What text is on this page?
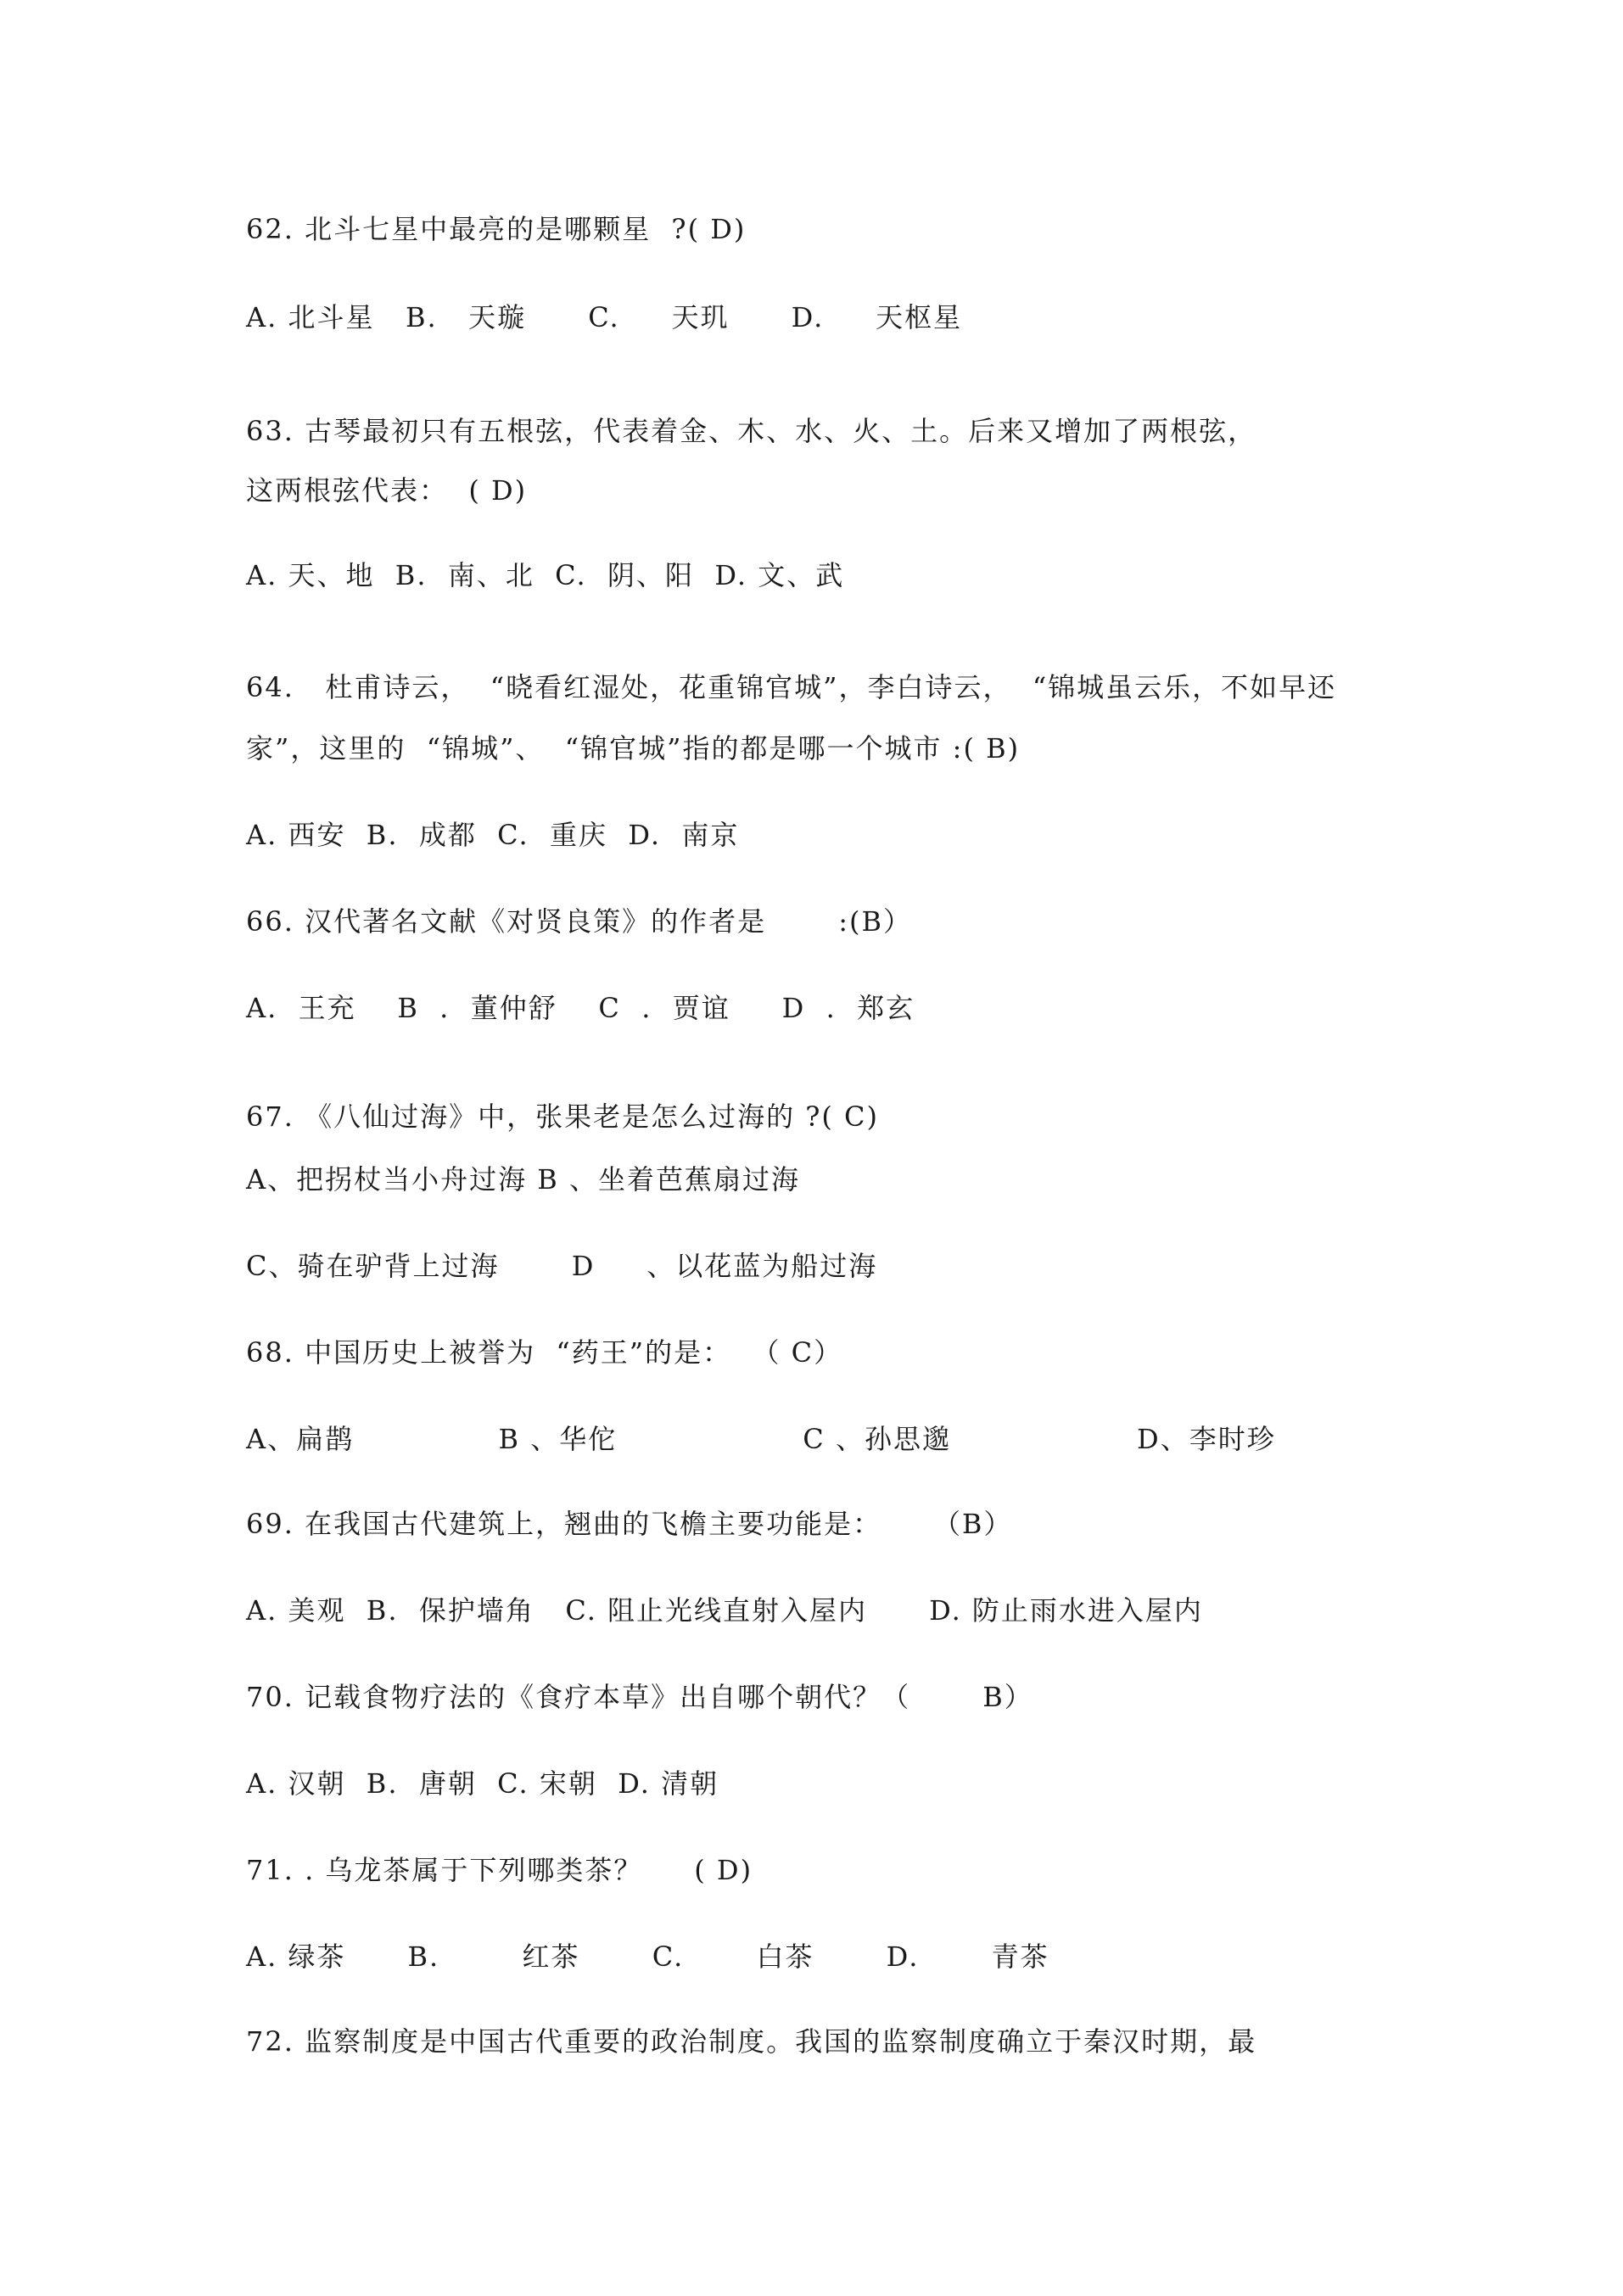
62. 北斗七星中最亮的是哪颗星  ?( D)
A. 北斗星   B.   天璇      C.     天玑      D.     天枢星
63. 古琴最初只有五根弦，代表着金、木、水、火、土。后来又增加了两根弦，
这两根弦代表：  ( D)
A. 天、地  B.  南、北  C.  阴、阳  D. 文、武
64.   杜甫诗云，  “晓看红湿处，花重锦官城”，李白诗云，  “锦城虽云乐，不如早还
家”，这里的  “锦城”、  “锦官城”指的都是哪一个城市 :( B)
A. 西安  B.  成都  C.  重庆  D.  南京
66. 汉代著名文献《对贤良策》的作者是       :(B）
A.  王充    B  .  董仲舒    C  .  贾谊     D  .  郑玄
67. 《八仙过海》中，张果老是怎么过海的 ?( C)
A、把拐杖当小舟过海 B 、坐着芭蕉扇过海
C、骑在驴背上过海       D     、以花蓝为船过海
68. 中国历史上被誉为  “药王”的是：  （ C）
A、扁鹊              B 、华佗                  C 、孙思邈                  D、李时珍
69. 在我国古代建筑上，翘曲的飞檐主要功能是：     （B）
A. 美观  B.  保护墙角   C. 阻止光线直射入屋内      D. 防止雨水进入屋内
70. 记载食物疗法的《食疗本草》出自哪个朝代？（       B）
A. 汉朝  B.  唐朝  C. 宋朝  D. 清朝
71. . 乌龙茶属于下列哪类茶？     ( D)
A. 绿茶      B.        红茶       C.       白茶       D.       青茶
72. 监察制度是中国古代重要的政治制度。我国的监察制度确立于秦汉时期，最
